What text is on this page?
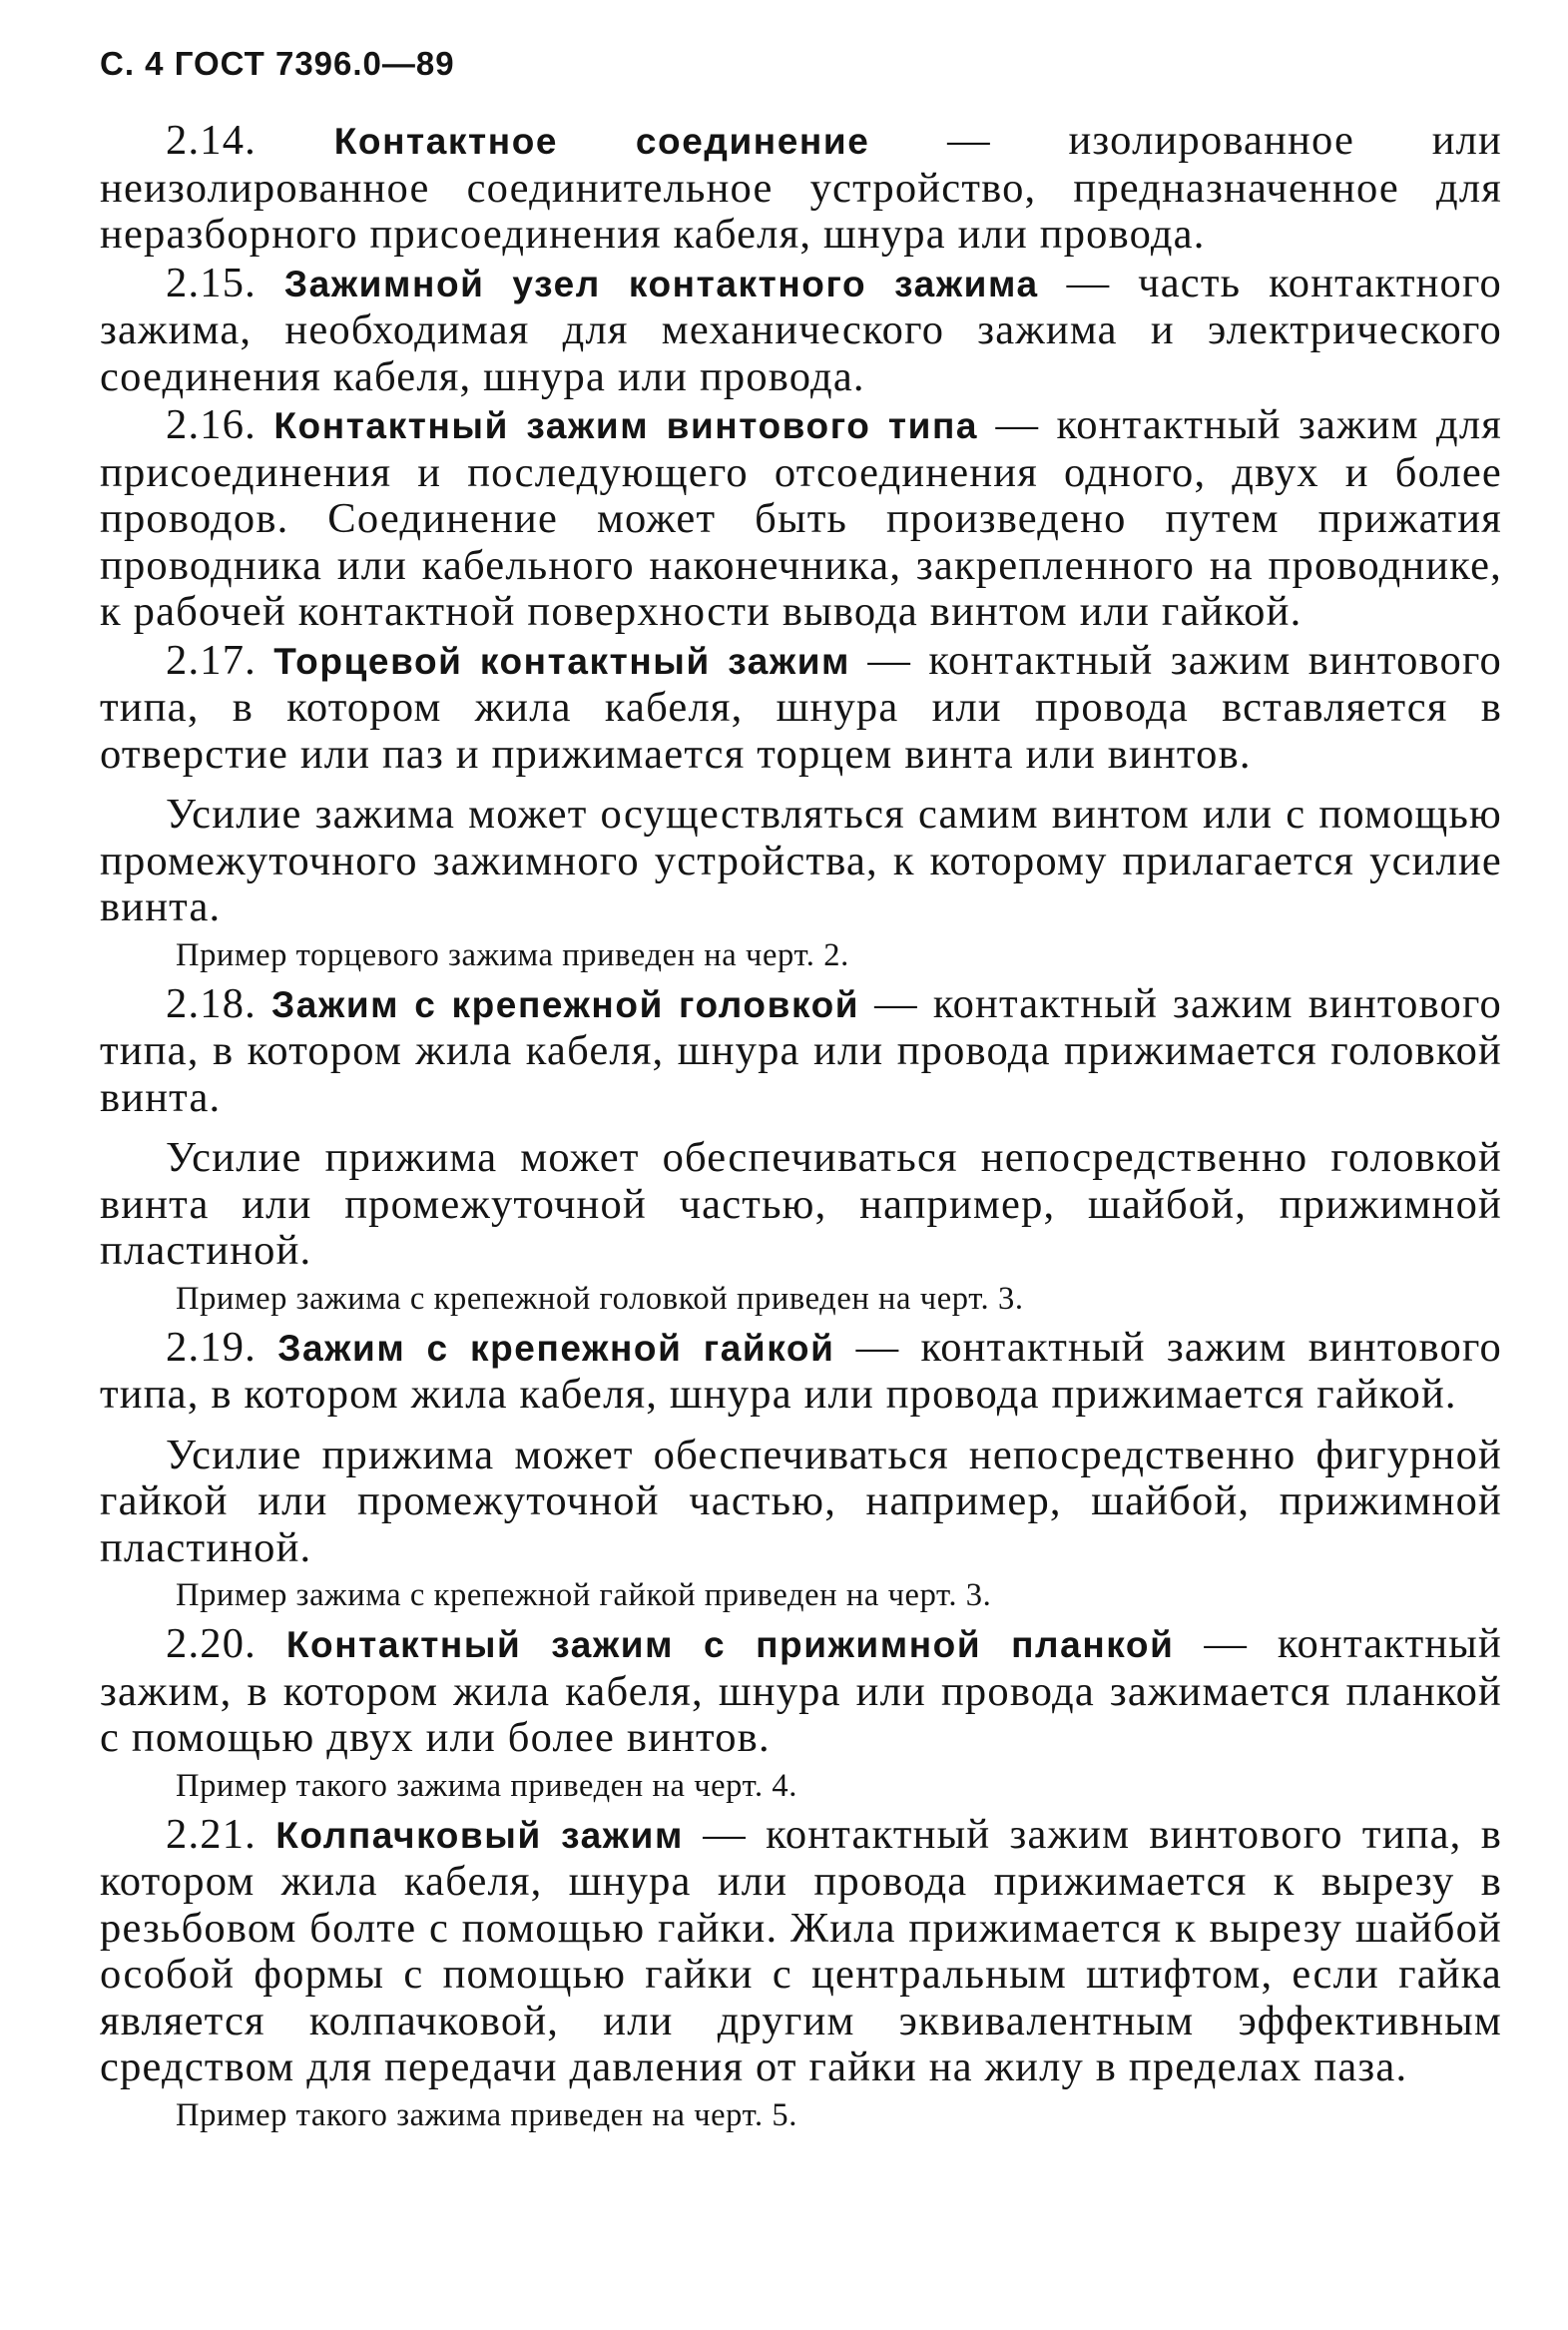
С. 4 ГОСТ 7396.0—89

2.14. Контактное соединение — изолированное или неизолированное соединительное устройство, предназначенное для неразборного присоединения кабеля, шнура или провода.

2.15. Зажимной узел контактного зажима — часть контактного зажима, необходимая для механического зажима и электрического соединения кабеля, шнура или провода.

2.16. Контактный зажим винтового типа — контактный зажим для присоединения и последующего отсоединения одного, двух и более проводов. Соединение может быть произведено путем прижатия проводника или кабельного наконечника, закрепленного на проводнике, к рабочей контактной поверхности вывода винтом или гайкой.

2.17. Торцевой контактный зажим — контактный зажим винтового типа, в котором жила кабеля, шнура или провода вставляется в отверстие или паз и прижимается торцем винта или винтов.

Усилие зажима может осуществляться самим винтом или с помощью промежуточного зажимного устройства, к которому прилагается усилие винта.

Пример торцевого зажима приведен на черт. 2.

2.18. Зажим с крепежной головкой — контактный зажим винтового типа, в котором жила кабеля, шнура или провода прижимается головкой винта.

Усилие прижима может обеспечиваться непосредственно головкой винта или промежуточной частью, например, шайбой, прижимной пластиной.

Пример зажима с крепежной головкой приведен на черт. 3.

2.19. Зажим с крепежной гайкой — контактный зажим винтового типа, в котором жила кабеля, шнура или провода прижимается гайкой.

Усилие прижима может обеспечиваться непосредственно фигурной гайкой или промежуточной частью, например, шайбой, прижимной пластиной.

Пример зажима с крепежной гайкой приведен на черт. 3.

2.20. Контактный зажим с прижимной планкой — контактный зажим, в котором жила кабеля, шнура или провода зажимается планкой с помощью двух или более винтов.

Пример такого зажима приведен на черт. 4.

2.21. Колпачковый зажим — контактный зажим винтового типа, в котором жила кабеля, шнура или провода прижимается к вырезу в резьбовом болте с помощью гайки. Жила прижимается к вырезу шайбой особой формы с помощью гайки с центральным штифтом, если гайка является колпачковой, или другим эквивалентным эффективным средством для передачи давления от гайки на жилу в пределах паза.

Пример такого зажима приведен на черт. 5.
